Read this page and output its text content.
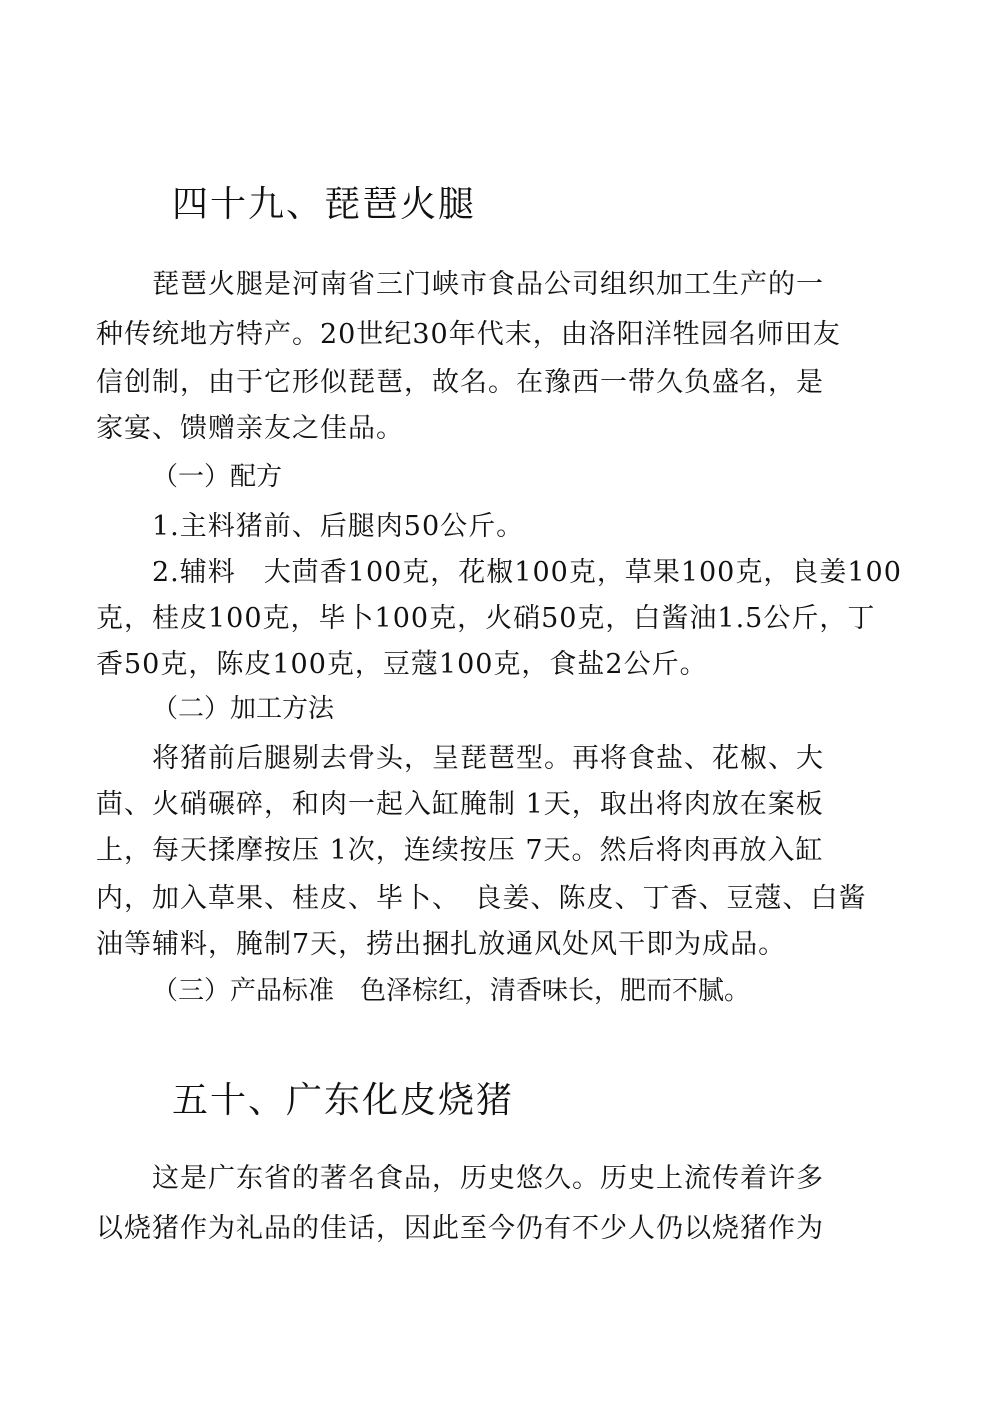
四十九、琵琶火腿
琵琶火腿是河南省三门峡市食品公司组织加工生产的一
种传统地方特产。20世纪30年代末，由洛阳洋牲园名师田友
信创制，由于它形似琵琶，故名。在豫西一带久负盛名，是
家宴、馈赠亲友之佳品。
（一）配方
1.主料猪前、后腿肉50公斤。
2.辅料　大茴香100克，花椒100克，草果100克，良姜100
克，桂皮100克，毕卜100克，火硝50克，白酱油1.5公斤，丁
香50克，陈皮100克，豆蔻100克，食盐2公斤。
（二）加工方法
将猪前后腿剔去骨头，呈琵琶型。再将食盐、花椒、大
茴、火硝碾碎，和肉一起入缸腌制 1天，取出将肉放在案板
上，每天揉摩按压 1次，连续按压 7天。然后将肉再放入缸
内，加入草果、桂皮、毕卜、　良姜、陈皮、丁香、豆蔻、白酱
油等辅料，腌制7天，捞出捆扎放通风处风干即为成品。
（三）产品标准　色泽棕红，清香味长，肥而不腻。
五十、广东化皮烧猪
这是广东省的著名食品，历史悠久。历史上流传着许多
以烧猪作为礼品的佳话，因此至今仍有不少人仍以烧猪作为
